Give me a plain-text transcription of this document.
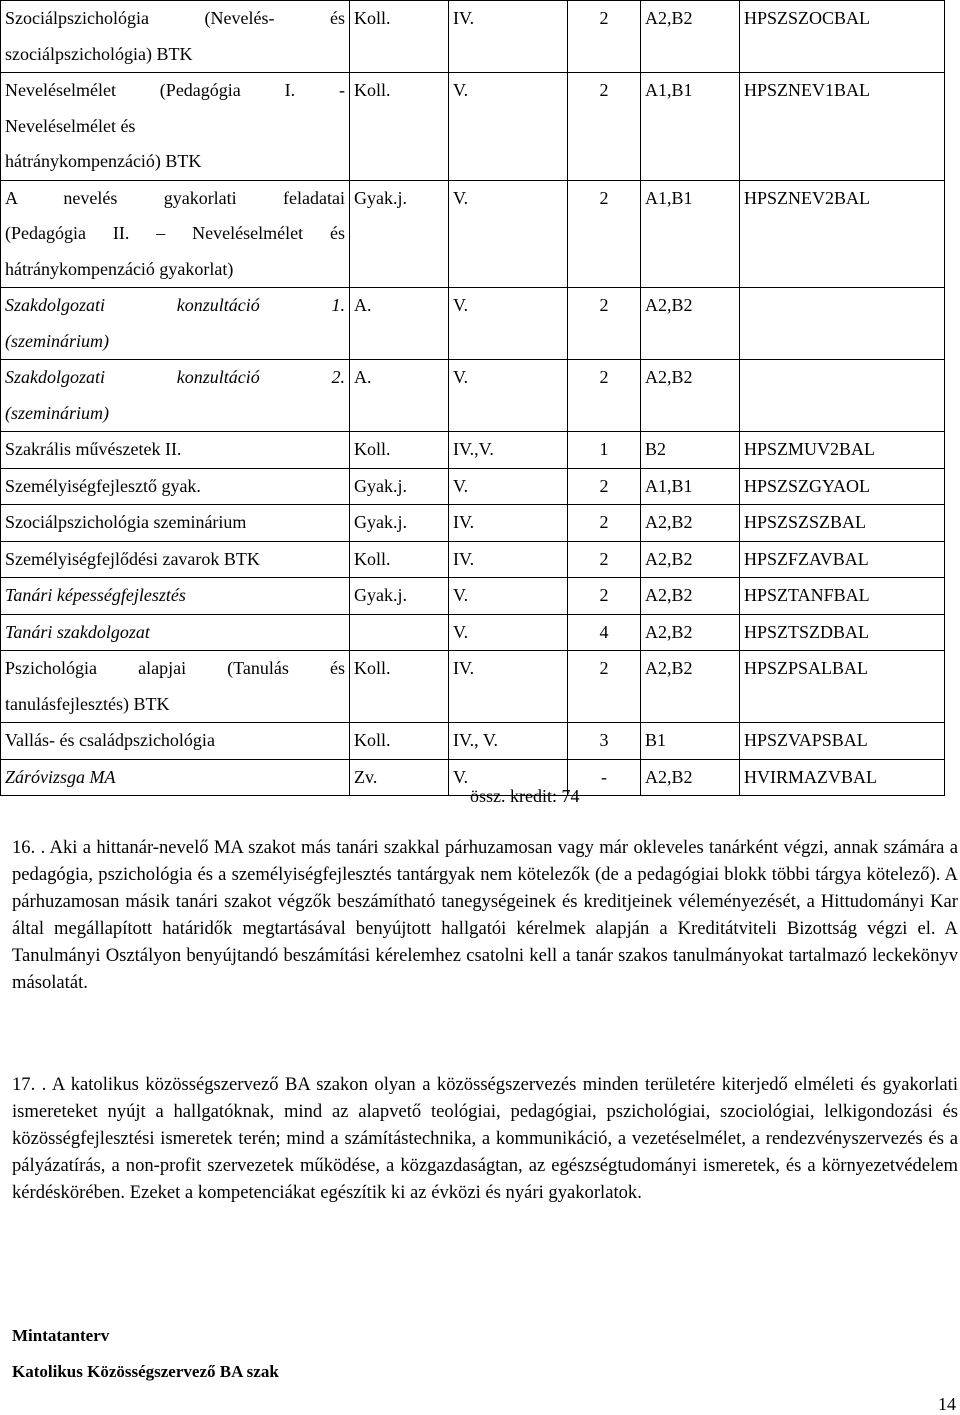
Szociálpszichológia (Nevelés- és
szociálpszichológia) BTK	Koll.	IV.	2	A2,B2	HPSZSZOCBAL

Neveléselmélet (Pedagógia I. -
Neveléselmélet és
hátránykompenzáció) BTK	Koll.	V.	2	A1,B1	HPSZNEV1BAL

A nevelés gyakorlati feladatai
(Pedagógia II. – Neveléselmélet és
hátránykompenzáció gyakorlat)	Gyak.j.	V.	2	A1,B1	HPSZNEV2BAL

Szakdolgozati konzultáció 1.
(szeminárium)	A.	V.	2	A2,B2	

Szakdolgozati konzultáció 2.
(szeminárium)	A.	V.	2	A2,B2	

Szakrális művészetek II.	Koll.	IV.,V.	1	B2	HPSZMUV2BAL

Személyiségfejlesztő gyak.	Gyak.j.	V.	2	A1,B1	HPSZSZGYAOL

Szociálpszichológia szeminárium	Gyak.j.	IV.	2	A2,B2	HPSZSZSZBAL

Személyiségfejlődési zavarok BTK	Koll.	IV.	2	A2,B2	HPSZFZAVBAL

Tanári képességfejlesztés	Gyak.j.	V.	2	A2,B2	HPSZTANFBAL

Tanári szakdolgozat		V.	4	A2,B2	HPSZTSZDBAL

Pszichológia alapjai (Tanulás és
tanulásfejlesztés) BTK	Koll.	IV.	2	A2,B2	HPSZPSALBAL

Vallás- és családpszichológia	Koll.	IV., V.	3	B1	HPSZVAPSBAL

Záróvizsga MA	Zv.	V.	-	A2,B2	HVIRMAZVBAL
össz. kredit: 74

16. . Aki a hittanár-nevelő MA szakot más tanári szakkal párhuzamosan vagy már okleveles tanárként végzi, annak számára a pedagógia, pszichológia és a személyiségfejlesztés tantárgyak nem kötelezők (de a pedagógiai blokk többi tárgya kötelező). A párhuzamosan másik tanári szakot végzők beszámítható tanegységeinek és kreditjeinek véleményezését, a Hittudományi Kar által megállapított határidők megtartásával benyújtott hallgatói kérelmek alapján a Kreditátviteli Bizottság végzi el. A Tanulmányi Osztályon benyújtandó beszámítási kérelemhez csatolni kell a tanár szakos tanulmányokat tartalmazó leckekönyv másolatát.

17. . A katolikus közösségszervező BA szakon olyan a közösségszervezés minden területére kiterjedő elméleti és gyakorlati ismereteket nyújt a hallgatóknak, mind az alapvető teológiai, pedagógiai, pszichológiai, szociológiai, lelkigondozási és közösségfejlesztési ismeretek terén; mind a számítástechnika, a kommunikáció, a vezetéselmélet, a rendezvényszervezés és a pályázatírás, a non-profit szervezetek működése, a közgazdaságtan, az egészségtudományi ismeretek, és a környezetvédelem kérdéskörében. Ezeket a kompetenciákat egészítik ki az évközi és nyári gyakorlatok.

Mintatanterv
Katolikus Közösségszervező BA szak
14
